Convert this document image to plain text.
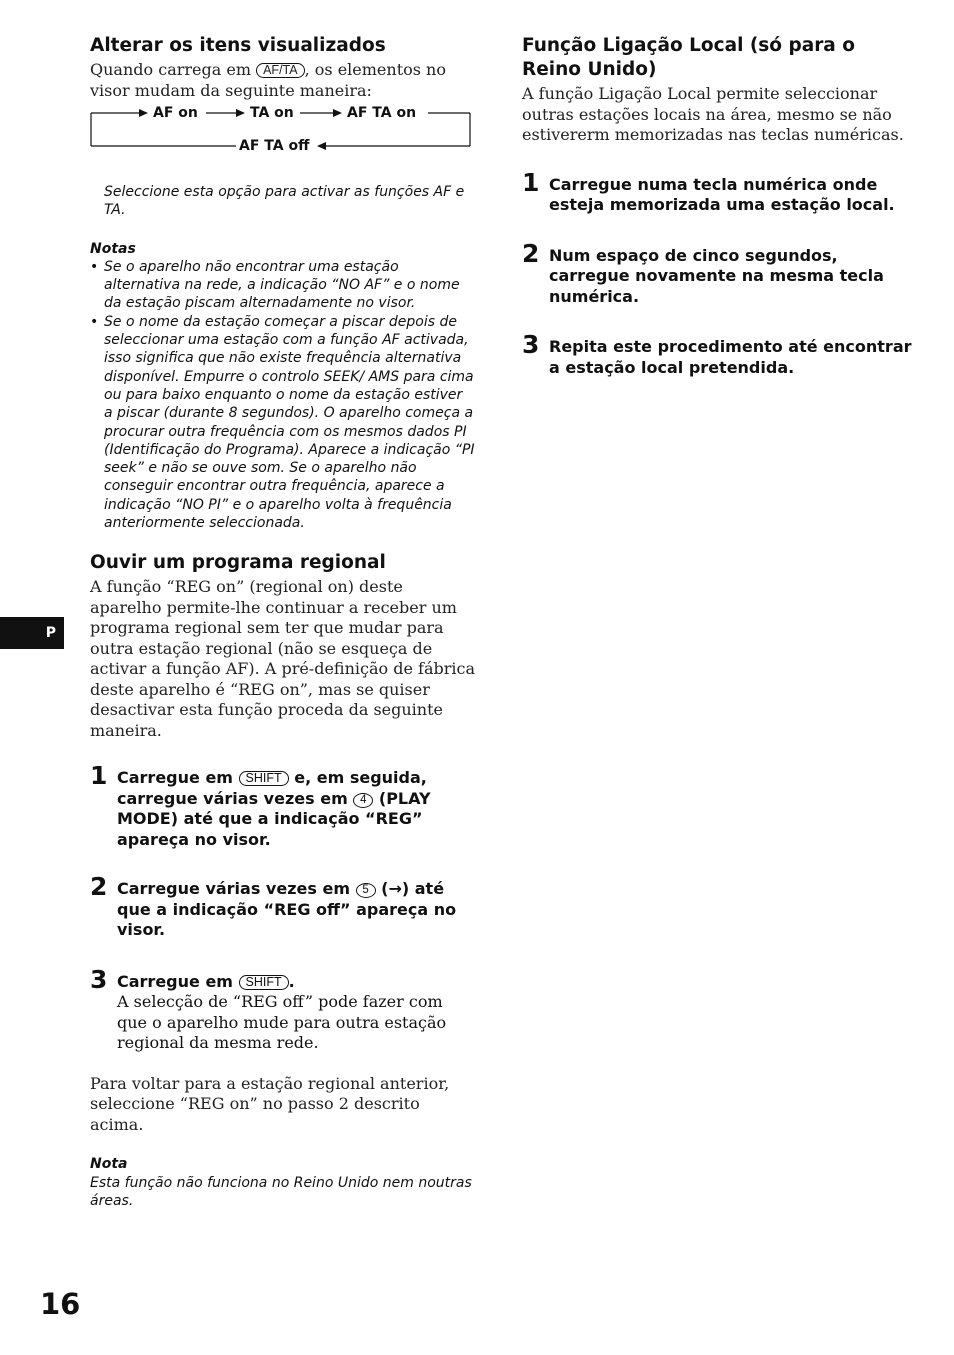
Alterar os itens visualizados

Quando carrega em AF/TA , os elementos no visor mudam da seguinte maneira:

AF on	TA on	AF TA on
AF TA off

Seleccione esta opção para activar as funções AF e TA.

Notas

• Se o aparelho não encontrar uma estação alternativa na rede, a indicação “NO AF” e o nome da estação piscam alternadamente no visor.
• Se o nome da estação começar a piscar depois de seleccionar uma estação com a função AF activada, isso significa que não existe frequência alternativa disponível. Empurre o controlo SEEK/ AMS para cima ou para baixo enquanto o nome da estação estiver a piscar (durante 8 segundos). O aparelho começa a procurar outra frequência com os mesmos dados PI (Identificação do Programa). Aparece a indicação “PI seek” e não se ouve som. Se o aparelho não conseguir encontrar outra frequência, aparece a indicação “NO PI” e o aparelho volta à frequência anteriormente seleccionada.
Ouvir um programa regional

A função “REG on” (regional on) deste aparelho permite-lhe continuar a receber um programa regional sem ter que mudar para outra estação regional (não se esqueça de activar a função AF). A pré-definição de fábrica deste aparelho é “REG on”, mas se quiser desactivar esta função proceda da seguinte maneira.

1 Carregue em SHIFT e, em seguida, carregue várias vezes em 4 (PLAY MODE) até que a indicação “REG” apareça no visor.

2 Carregue várias vezes em 5 (→) até que a indicação “REG off” apareça no visor.

3 Carregue em SHIFT .

A selecção de “REG off” pode fazer com que o aparelho mude para outra estação regional da mesma rede.

Para voltar para a estação regional anterior, seleccione “REG on” no passo 2 descrito acima.

Nota

Esta função não funciona no Reino Unido nem noutras áreas.

Função Ligação Local (só para o Reino Unido)

A função Ligação Local permite seleccionar outras estações locais na área, mesmo se não estivererm memorizadas nas teclas numéricas.

1 Carregue numa tecla numérica onde esteja memorizada uma estação local.

2 Num espaço de cinco segundos, carregue novamente na mesma tecla numérica.

3 Repita este procedimento até encontrar a estação local pretendida.

P
16
